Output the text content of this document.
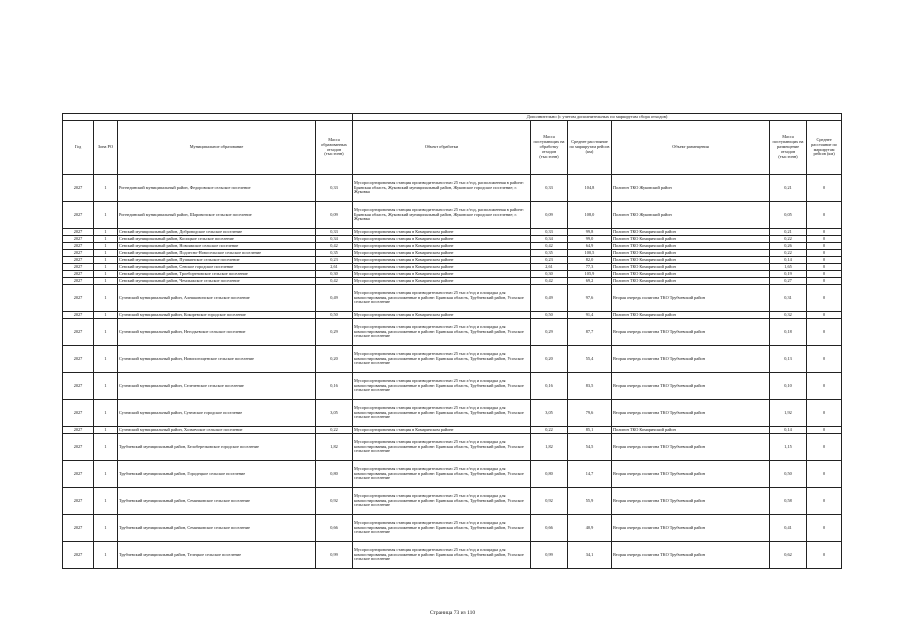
				Дополнительно (с учетом дополнительных по маршрутам сбора отходов)					
Год	Зона РО	Муниципальное образование	Масса образованных отходов (тыс.тонн)	Объект обработки	Масса поступающих на обработку отходов (тыс.тонн)	Среднее расстояние по маршрутам рейсов (км)	Объект размещения	Масса поступающих на размещение отходов (тыс.тонн)	Среднее расстояние по маршрутам рейсов (км)
2027	1	Рогнединский муниципальный район, Федоровское сельское поселение	0,33	Мусоросортировочная станция производительностью 25 тыс.т/год, расположенная в районе: Брянская область, Жуковский муниципальный район, Жуковское городское поселение; г. Жуковка	0,33	104,8	Полигон ТКО Жуковский район	0,21	0
2027	1	Рогнединский муниципальный район, Шаровичское сельское поселение	0,09	Мусоросортировочная станция производительностью 25 тыс.т/год, расположенная в районе: Брянская область, Жуковский муниципальный район, Жуковское городское поселение; г. Жуковка	0,09	108,0	Полигон ТКО Жуковский район	0,05	0
2027	1	Севский муниципальный район, Доброводское сельское поселение	0,33	Мусоросортировочная станция в Комаричском районе	0,33	99,8	Полигон ТКО Комаричский район	0,21	0
2027	1	Севский муниципальный район, Косицкое сельское поселение	0,34	Мусоросортировочная станция в Комаричском районе	0,34	99,0	Полигон ТКО Комаричский район	0,22	0
2027	1	Севский муниципальный район, Новоямское сельское поселение	0,42	Мусоросортировочная станция в Комаричском районе	0,42	64,9	Полигон ТКО Комаричский район	0,26	0
2027	1	Севский муниципальный район, Подлесно-Новосельское сельское поселение	0,35	Мусоросортировочная станция в Комаричском районе	0,35	100,5	Полигон ТКО Комаричский район	0,22	0
2027	1	Севский муниципальный район, Пушкинское сельское поселение	0,23	Мусоросортировочная станция в Комаричском районе	0,23	82,0	Полигон ТКО Комаричский район	0,14	0
2027	1	Севский муниципальный район, Севское городское поселение	2,61	Мусоросортировочная станция в Комаричском районе	2,61	77,3	Полигон ТКО Комаричский район	1,65	0
2027	1	Севский муниципальный район, Троебортновское сельское поселение	0,30	Мусоросортировочная станция в Комаричском районе	0,30	105,9	Полигон ТКО Комаричский район	0,19	0
2027	1	Севский муниципальный район, Чемлыжское сельское поселение	0,42	Мусоросортировочная станция в Комаричском районе	0,42	69,2	Полигон ТКО Комаричский район	0,27	0
2027	1	Суземский муниципальный район, Алешковичское сельское поселение	0,49	Мусоросортировочная станция производительностью 25 тыс.т/год и площадка для компостирования, расположенные в районе: Брянская область, Трубчевский район, Усохское сельское поселение	0,49	97,6	Вторая очередь полигона ТКО Трубчевский район	0,31	0
2027	1	Суземский муниципальный район, Кокоревское городское поселение	0,50	Мусоросортировочная станция в Комаричском районе	0,50	91,4	Полигон ТКО Комаричский район	0,32	0
2027	1	Суземский муниципальный район, Негодьевское сельское поселение	0,29	Мусоросортировочная станция производительностью 25 тыс.т/год и площадка для компостирования, расположенные в районе: Брянская область, Трубчевский район, Усохское сельское поселение	0,29	87,7	Вторая очередь полигона ТКО Трубчевский район	0,18	0
2027	1	Суземский муниципальный район, Новопогощенское сельское поселение	0,20	Мусоросортировочная станция производительностью 25 тыс.т/год и площадка для компостирования, расположенные в районе: Брянская область, Трубчевский район, Усохское сельское поселение	0,20	55,4	Вторая очередь полигона ТКО Трубчевский район	0,13	0
2027	1	Суземский муниципальный район, Селеченское сельское поселение	0,16	Мусоросортировочная станция производительностью 25 тыс.т/год и площадка для компостирования, расположенные в районе: Брянская область, Трубчевский район, Усохское сельское поселение	0,16	83,5	Вторая очередь полигона ТКО Трубчевский район	0,10	0
2027	1	Суземский муниципальный район, Суземское городское поселение	3,05	Мусоросортировочная станция производительностью 25 тыс.т/год и площадка для компостирования, расположенные в районе: Брянская область, Трубчевский район, Усохское сельское поселение	3,05	79,6	Вторая очередь полигона ТКО Трубчевский район	1,92	0
2027	1	Суземский муниципальный район, Холмечское сельское поселение	0,22	Мусоросортировочная станция в Комаричском районе	0,22	85,1	Полигон ТКО Комаричский район	0,14	0
2027	1	Трубчевский муниципальный район, Белоберезковское городское поселение	1,82	Мусоросортировочная станция производительностью 25 тыс.т/год и площадка для компостирования, расположенные в районе: Брянская область, Трубчевский район, Усохское сельское поселение	1,82	54,5	Вторая очередь полигона ТКО Трубчевский район	1,15	0
2027	1	Трубчевский муниципальный район, Городецкое сельское поселение	0,80	Мусоросортировочная станция производительностью 25 тыс.т/год и площадка для компостирования, расположенные в районе: Брянская область, Трубчевский район, Усохское сельское поселение	0,80	14,7	Вторая очередь полигона ТКО Трубчевский район	0,50	0
2027	1	Трубчевский муниципальный район, Семячковское сельское поселение	0,92	Мусоросортировочная станция производительностью 25 тыс.т/год и площадка для компостирования, расположенные в районе: Брянская область, Трубчевский район, Усохское сельское поселение	0,92	55,9	Вторая очередь полигона ТКО Трубчевский район	0,58	0
2027	1	Трубчевский муниципальный район, Семячковское сельское поселение	0,66	Мусоросортировочная станция производительностью 25 тыс.т/год и площадка для компостирования, расположенные в районе: Брянская область, Трубчевский район, Усохское сельское поселение	0,66	40,9	Вторая очередь полигона ТКО Трубчевский район	0,41	0
2027	1	Трубчевский муниципальный район, Телецкое сельское поселение	0,99	Мусоросортировочная станция производительностью 25 тыс.т/год и площадка для компостирования, расположенные в районе: Брянская область, Трубчевский район, Усохское сельское поселение	0,99	34,1	Вторая очередь полигона ТКО Трубчевский район	0,62	0
Страница 73 из 110
